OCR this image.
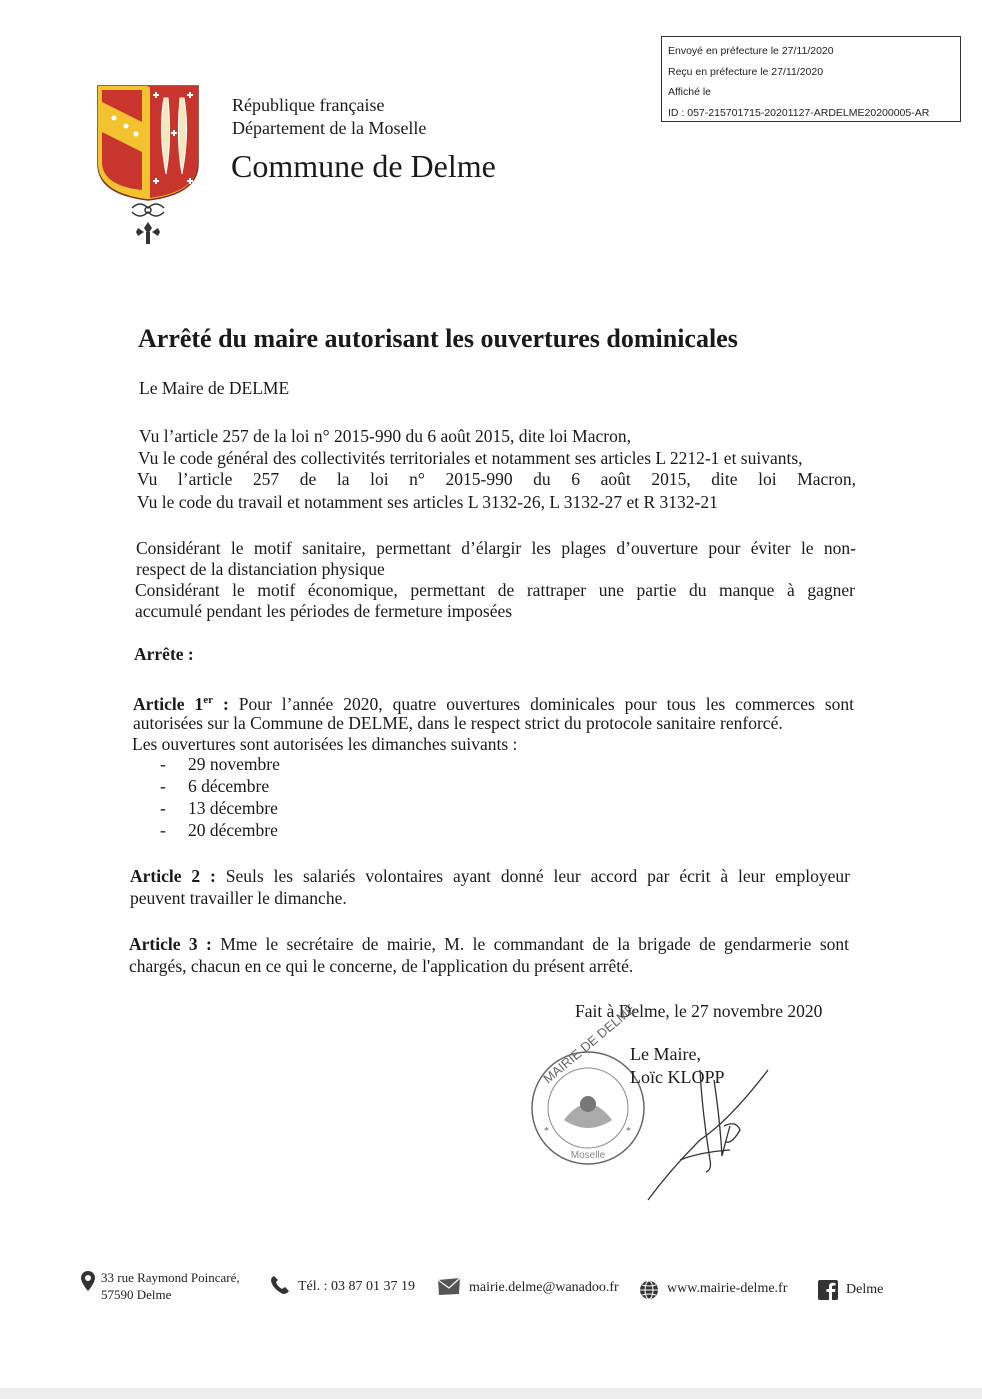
Envoyé en préfecture le 27/11/2020
Reçu en préfecture le 27/11/2020
Affiché le
ID : 057-215701715-20201127-ARDELME20200005-AR
République française
Département de la Moselle
Commune de Delme
Arrêté du maire autorisant les ouvertures dominicales
Le Maire de DELME
Vu l’article 257 de la loi n° 2015-990 du 6 août 2015, dite loi Macron,
Vu le code général des collectivités territoriales et notamment ses articles L 2212-1 et suivants,
Vu l’article 257 de la loi n° 2015-990 du 6 août 2015, dite loi Macron,
Vu le code du travail et notamment ses articles L 3132-26, L 3132-27 et R 3132-21
Considérant le motif sanitaire, permettant d’élargir les plages d’ouverture pour éviter le non-
respect de la distanciation physique
Considérant le motif économique, permettant de rattraper une partie du manque à gagner
accumulé pendant les périodes de fermeture imposées
Arrête :
Article 1er : Pour l’année 2020, quatre ouvertures dominicales pour tous les commerces sont
autorisées sur la Commune de DELME, dans le respect strict du protocole sanitaire renforcé.
Les ouvertures sont autorisées les dimanches suivants :
- 29 novembre
- 6 décembre
- 13 décembre
- 20 décembre
Article 2 : Seuls les salariés volontaires ayant donné leur accord par écrit à leur employeur
peuvent travailler le dimanche.
Article 3 : Mme le secrétaire de mairie, M. le commandant de la brigade de gendarmerie sont
chargés, chacun en ce qui le concerne, de l'application du présent arrêté.
Fait à Delme, le 27 novembre 2020
Moselle
MAIRIE DE DELME
*	*
Le Maire,
Loïc KLOPP
33 rue Raymond Poincaré,
57590 Delme
Tél. : 03 87 01 37 19	mairie.delme@wanadoo.fr	www.mairie-delme.fr	Delme
